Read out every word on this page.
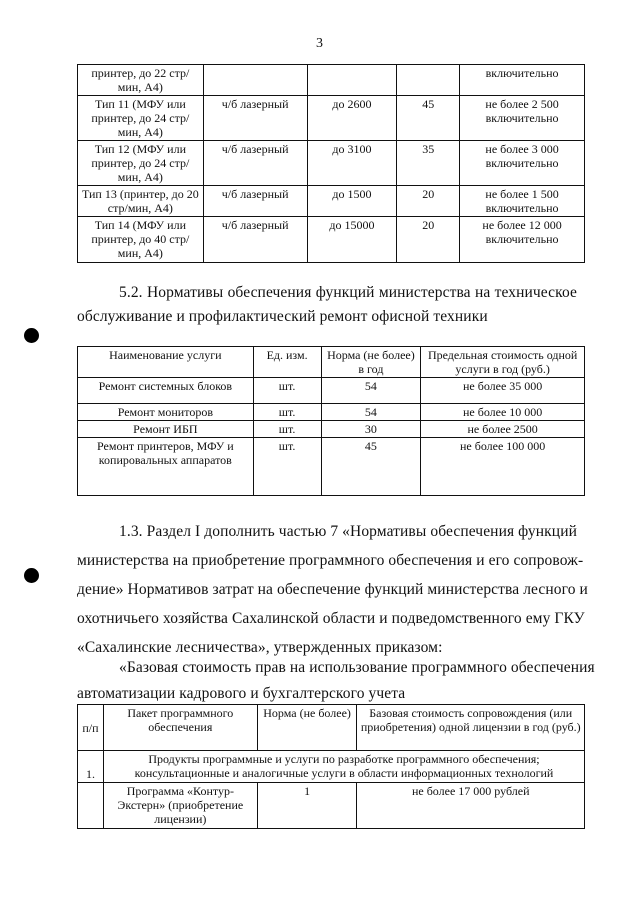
3
принтер, до 22 стр/мин, А4)				включительно
Тип 11 (МФУ или принтер, до 24 стр/мин, А4)	ч/б лазерный	до 2600	45	не более 2 500 включительно
Тип 12 (МФУ или принтер, до 24 стр/мин, А4)	ч/б лазерный	до 3100	35	не более 3 000 включительно
Тип 13 (принтер, до 20 стр/мин, А4)	ч/б лазерный	до 1500	20	не более 1 500 включительно
Тип 14 (МФУ или принтер, до 40 стр/мин, А4)	ч/б лазерный	до 15000	20	не более 12 000 включительно
5.2. Нормативы обеспечения функций министерства на техническое обслуживание и профилактический ремонт офисной техники
Наименование услуги	Ед. изм.	Норма (не более) в год	Предельная стоимость одной услуги в год (руб.)
Ремонт системных блоков	шт.	54	не более 35 000
Ремонт мониторов	шт.	54	не более 10 000
Ремонт ИБП	шт.	30	не более 2500
Ремонт принтеров, МФУ и копировальных аппаратов	шт.	45	не более 100 000
1.3. Раздел I дополнить частью 7 «Нормативы обеспечения функций
министерства на приобретение программного обеспечения и его сопровож-
дение» Нормативов затрат на обеспечение функций министерства лесного и
охотничьего хозяйства Сахалинской области и подведомственного ему ГКУ
«Сахалинские лесничества», утвержденных приказом:
«Базовая стоимость прав на использование программного обеспечения
автоматизации кадрового и бухгалтерского учета
п/п	Пакет программного обеспечения	Норма (не более)	Базовая стоимость сопровождения (или приобретения) одной лицензии в год (руб.)
1.	Продукты программные и услуги по разработке программного обеспечения; консультационные и аналогичные услуги в области информационных технологий		
	Программа «Контур-Экстерн» (приобретение лицензии)	1	не более 17 000 рублей
